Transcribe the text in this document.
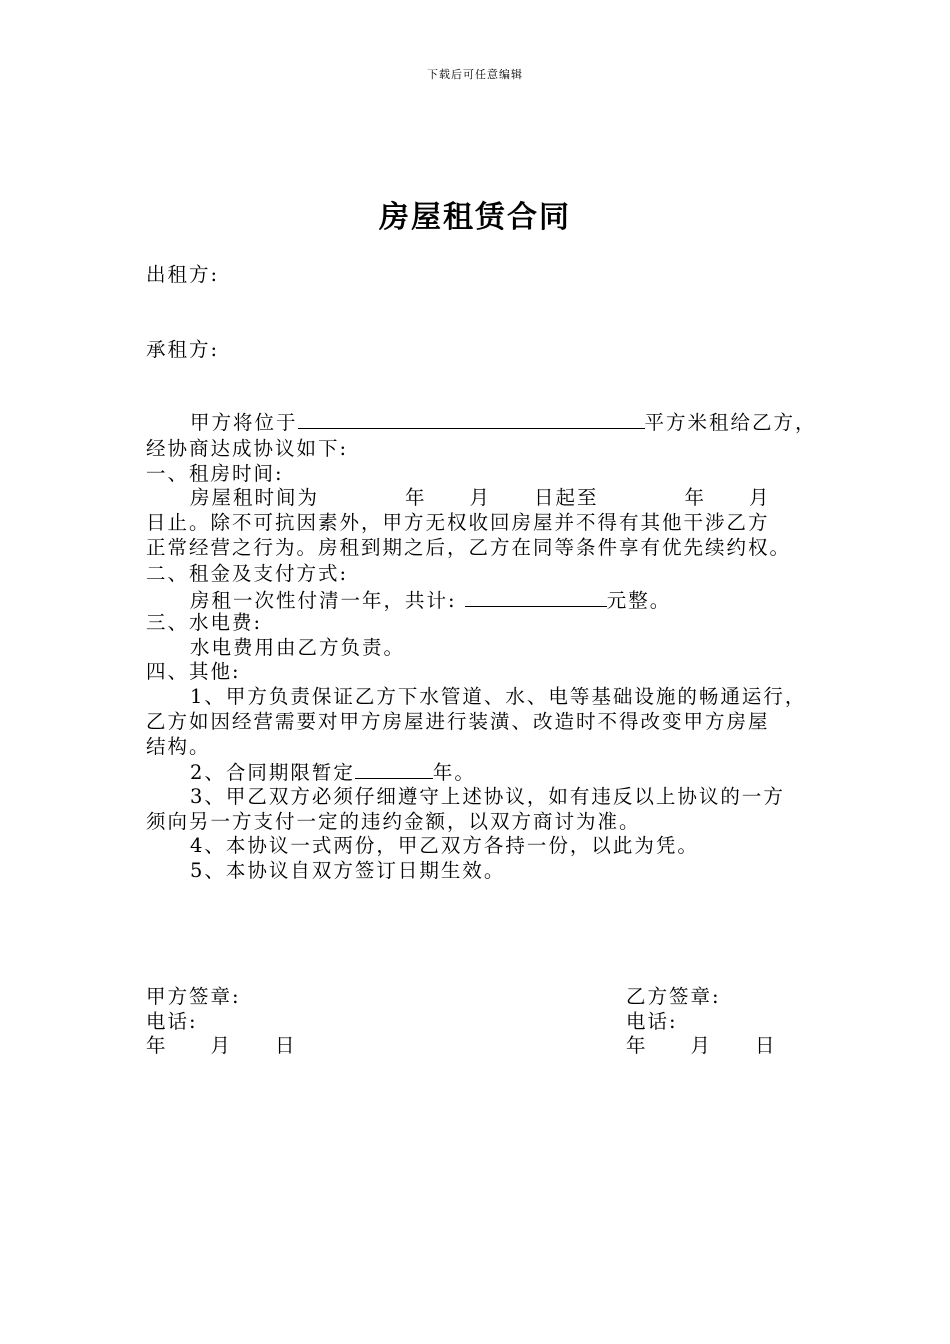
下载后可任意编辑
房屋租赁合同
出租方:
承租方:
甲方将位于	平方米租给乙方，
经协商达成协议如下:
一、租房时间:
房屋租时间为　　　　年　　月　　日起至　　　　年　　月
日止。除不可抗因素外，甲方无权收回房屋并不得有其他干涉乙方
正常经营之行为。房租到期之后，乙方在同等条件享有优先续约权。
二、租金及支付方式:
房租一次性付清一年，共计:	元整。
三、水电费:
水电费用由乙方负责。
四、其他:
1、甲方负责保证乙方下水管道、水、电等基础设施的畅通运行，
乙方如因经营需要对甲方房屋进行装潢、改造时不得改变甲方房屋
结构。
2、合同期限暂定	年。
3、甲乙双方必须仔细遵守上述协议，如有违反以上协议的一方
须向另一方支付一定的违约金额，以双方商讨为准。
4、本协议一式两份，甲乙双方各持一份，以此为凭。
5、本协议自双方签订日期生效。
甲方签章:
电话:
年　　月　　日
乙方签章:
电话:
年　　月　　日
